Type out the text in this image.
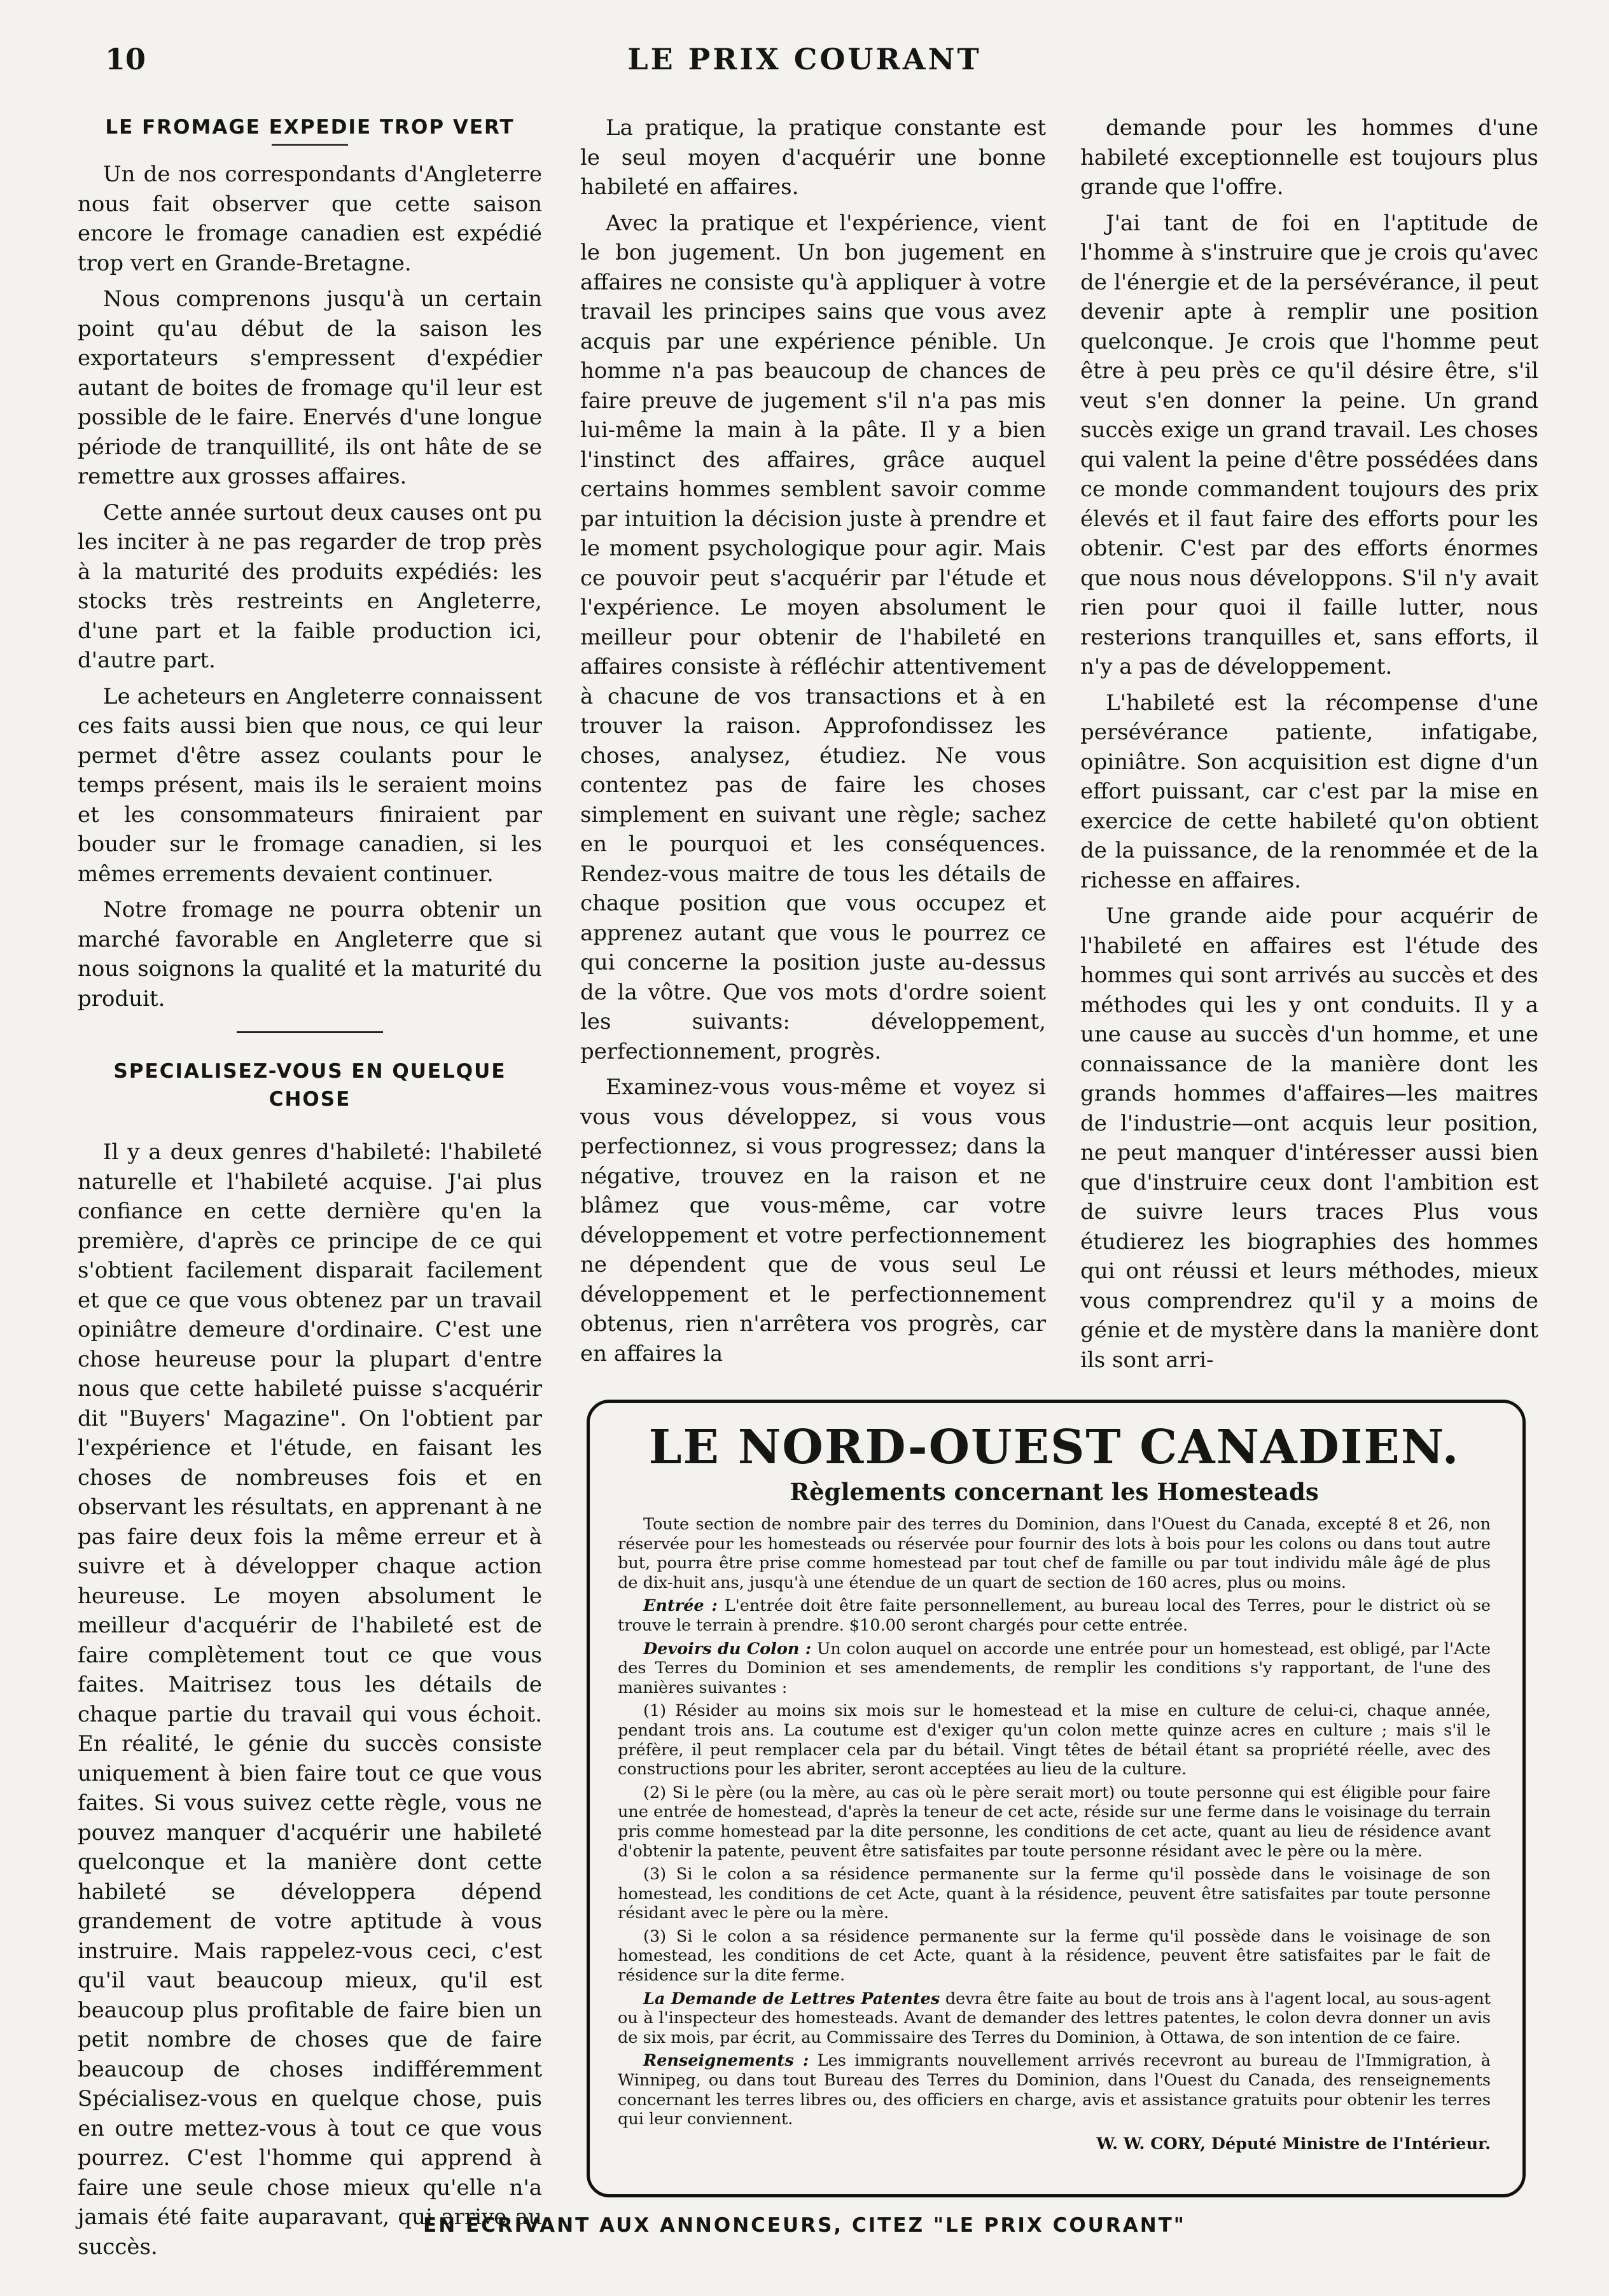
10	LE PRIX COURANT
LE FROMAGE EXPEDIE TROP VERT

Un de nos correspondants d'Angleterre nous fait observer que cette saison encore le fromage canadien est expédié trop vert en Grande-Bretagne.

Nous comprenons jusqu'à un certain point qu'au début de la saison les exportateurs s'empressent d'expédier autant de boites de fromage qu'il leur est possible de le faire. Enervés d'une longue période de tranquillité, ils ont hâte de se remettre aux grosses affaires.

Cette année surtout deux causes ont pu les inciter à ne pas regarder de trop près à la maturité des produits expédiés: les stocks très restreints en Angleterre, d'une part et la faible production ici, d'autre part.

Le acheteurs en Angleterre connaissent ces faits aussi bien que nous, ce qui leur permet d'être assez coulants pour le temps présent, mais ils le seraient moins et les consommateurs finiraient par bouder sur le fromage canadien, si les mêmes errements devaient continuer.

Notre fromage ne pourra obtenir un marché favorable en Angleterre que si nous soignons la qualité et la maturité du produit.

SPECIALISEZ-VOUS EN QUELQUE CHOSE

Il y a deux genres d'habileté: l'habileté naturelle et l'habileté acquise. J'ai plus confiance en cette dernière qu'en la première, d'après ce principe de ce qui s'obtient facilement disparait facilement et que ce que vous obtenez par un travail opiniâtre demeure d'ordinaire. C'est une chose heureuse pour la plupart d'entre nous que cette habileté puisse s'acquérir dit "Buyers' Magazine". On l'obtient par l'expérience et l'étude, en faisant les choses de nombreuses fois et en observant les résultats, en apprenant à ne pas faire deux fois la même erreur et à suivre et à développer chaque action heureuse. Le moyen absolument le meilleur d'acquérir de l'habileté est de faire complètement tout ce que vous faites. Maitrisez tous les détails de chaque partie du travail qui vous échoit. En réalité, le génie du succès consiste uniquement à bien faire tout ce que vous faites. Si vous suivez cette règle, vous ne pouvez manquer d'acquérir une habileté quelconque et la manière dont cette habileté se développera dépend grandement de votre aptitude à vous instruire. Mais rappelez-vous ceci, c'est qu'il vaut beaucoup mieux, qu'il est beaucoup plus profitable de faire bien un petit nombre de choses que de faire beaucoup de choses indifféremment Spécialisez-vous en quelque chose, puis en outre mettez-vous à tout ce que vous pourrez. C'est l'homme qui apprend à faire une seule chose mieux qu'elle n'a jamais été faite auparavant, qui arrive au succès.

La pratique, la pratique constante est le seul moyen d'acquérir une bonne habileté en affaires.

Avec la pratique et l'expérience, vient le bon jugement. Un bon jugement en affaires ne consiste qu'à appliquer à votre travail les principes sains que vous avez acquis par une expérience pénible. Un homme n'a pas beaucoup de chances de faire preuve de jugement s'il n'a pas mis lui-même la main à la pâte. Il y a bien l'instinct des affaires, grâce auquel certains hommes semblent savoir comme par intuition la décision juste à prendre et le moment psychologique pour agir. Mais ce pouvoir peut s'acquérir par l'étude et l'expérience. Le moyen absolument le meilleur pour obtenir de l'habileté en affaires consiste à réfléchir attentivement à chacune de vos transactions et à en trouver la raison. Approfondissez les choses, analysez, étudiez. Ne vous contentez pas de faire les choses simplement en suivant une règle; sachez en le pourquoi et les conséquences. Rendez-vous maitre de tous les détails de chaque position que vous occupez et apprenez autant que vous le pourrez ce qui concerne la position juste au-dessus de la vôtre. Que vos mots d'ordre soient les suivants: développement, perfectionnement, progrès.

Examinez-vous vous-même et voyez si vous vous développez, si vous vous perfectionnez, si vous progressez; dans la négative, trouvez en la raison et ne blâmez que vous-même, car votre développement et votre perfectionnement ne dépendent que de vous seul Le développement et le perfectionnement obtenus, rien n'arrêtera vos progrès, car en affaires la

demande pour les hommes d'une habileté exceptionnelle est toujours plus grande que l'offre.

J'ai tant de foi en l'aptitude de l'homme à s'instruire que je crois qu'avec de l'énergie et de la persévérance, il peut devenir apte à remplir une position quelconque. Je crois que l'homme peut être à peu près ce qu'il désire être, s'il veut s'en donner la peine. Un grand succès exige un grand travail. Les choses qui valent la peine d'être possédées dans ce monde commandent toujours des prix élevés et il faut faire des efforts pour les obtenir. C'est par des efforts énormes que nous nous développons. S'il n'y avait rien pour quoi il faille lutter, nous resterions tranquilles et, sans efforts, il n'y a pas de développement.

L'habileté est la récompense d'une persévérance patiente, infatigabe, opiniâtre. Son acquisition est digne d'un effort puissant, car c'est par la mise en exercice de cette habileté qu'on obtient de la puissance, de la renommée et de la richesse en affaires.

Une grande aide pour acquérir de l'habileté en affaires est l'étude des hommes qui sont arrivés au succès et des méthodes qui les y ont conduits. Il y a une cause au succès d'un homme, et une connaissance de la manière dont les grands hommes d'affaires—les maitres de l'industrie—ont acquis leur position, ne peut manquer d'intéresser aussi bien que d'instruire ceux dont l'ambition est de suivre leurs traces Plus vous étudierez les biographies des hommes qui ont réussi et leurs méthodes, mieux vous comprendrez qu'il y a moins de génie et de mystère dans la manière dont ils sont arri-

LE NORD-OUEST CANADIEN.
Règlements concernant les Homesteads

Toute section de nombre pair des terres du Dominion, dans l'Ouest du Canada, excepté 8 et 26, non réservée pour les homesteads ou réservée pour fournir des lots à bois pour les colons ou dans tout autre but, pourra être prise comme homestead par tout chef de famille ou par tout individu mâle âgé de plus de dix-huit ans, jusqu'à une étendue de un quart de section de 160 acres, plus ou moins.

Entrée : L'entrée doit être faite personnellement, au bureau local des Terres, pour le district où se trouve le terrain à prendre. $10.00 seront chargés pour cette entrée.

Devoirs du Colon : Un colon auquel on accorde une entrée pour un homestead, est obligé, par l'Acte des Terres du Dominion et ses amendements, de remplir les conditions s'y rapportant, de l'une des manières suivantes :

(1) Résider au moins six mois sur le homestead et la mise en culture de celui-ci, chaque année, pendant trois ans. La coutume est d'exiger qu'un colon mette quinze acres en culture ; mais s'il le préfère, il peut remplacer cela par du bétail. Vingt têtes de bétail étant sa propriété réelle, avec des constructions pour les abriter, seront acceptées au lieu de la culture.

(2) Si le père (ou la mère, au cas où le père serait mort) ou toute personne qui est éligible pour faire une entrée de homestead, d'après la teneur de cet acte, réside sur une ferme dans le voisinage du terrain pris comme homestead par la dite personne, les conditions de cet acte, quant au lieu de résidence avant d'obtenir la patente, peuvent être satisfaites par toute personne résidant avec le père ou la mère.

(3) Si le colon a sa résidence permanente sur la ferme qu'il possède dans le voisinage de son homestead, les conditions de cet Acte, quant à la résidence, peuvent être satisfaites par toute personne résidant avec le père ou la mère.

(3) Si le colon a sa résidence permanente sur la ferme qu'il possède dans le voisinage de son homestead, les conditions de cet Acte, quant à la résidence, peuvent être satisfaites par le fait de résidence sur la dite ferme.

La Demande de Lettres Patentes devra être faite au bout de trois ans à l'agent local, au sous-agent ou à l'inspecteur des homesteads. Avant de demander des lettres patentes, le colon devra donner un avis de six mois, par écrit, au Commissaire des Terres du Dominion, à Ottawa, de son intention de ce faire.

Renseignements : Les immigrants nouvellement arrivés recevront au bureau de l'Immigration, à Winnipeg, ou dans tout Bureau des Terres du Dominion, dans l'Ouest du Canada, des renseignements concernant les terres libres ou, des officiers en charge, avis et assistance gratuits pour obtenir les terres qui leur conviennent.

W. W. CORY, Député Ministre de l'Intérieur.
EN ECRIVANT AUX ANNONCEURS, CITEZ "LE PRIX COURANT"
